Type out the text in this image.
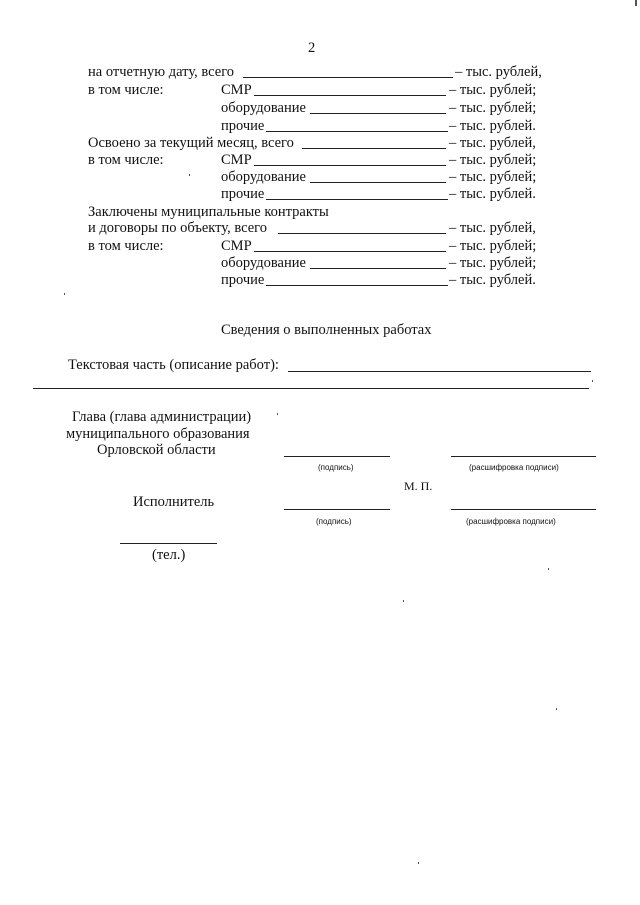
2
на отчетную дату, всего	– тыс. рублей,
в том числе:	СМР	– тыс. рублей;
оборудование	– тыс. рублей;
прочие	– тыс. рублей.
Освоено за текущий месяц, всего	– тыс. рублей,
в том числе:	СМР	– тыс. рублей;
оборудование	– тыс. рублей;
прочие	– тыс. рублей.
Заключены муниципальные контракты
и договоры по объекту, всего	– тыс. рублей,
в том числе:	СМР	– тыс. рублей;
оборудование	– тыс. рублей;
прочие	– тыс. рублей.
Сведения о выполненных работах
Текстовая часть (описание работ):
Глава (глава администрации)
муниципального образования
Орловской области
(подпись)	(расшифровка подписи)
М. П.
Исполнитель
(подпись)	(расшифровка подписи)
(тел.)
